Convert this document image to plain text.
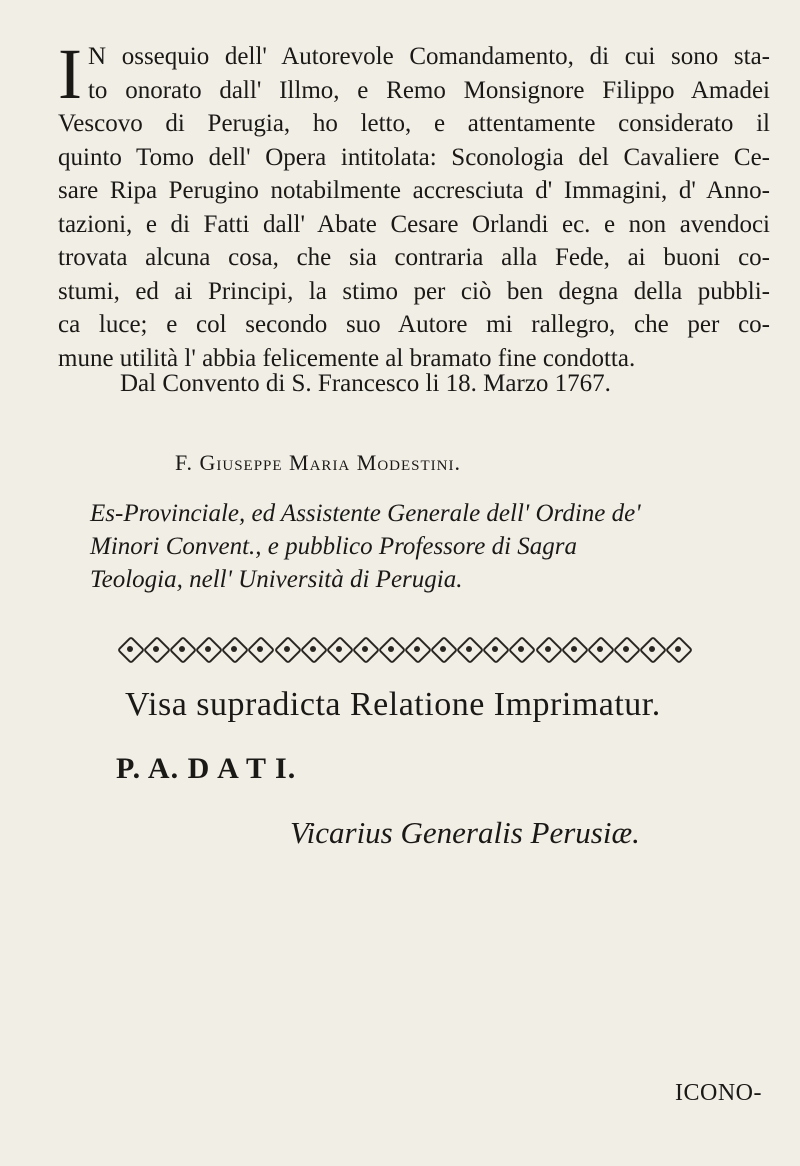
I N ossequio dell' Autorevole Comandamento, di cui sono sta-
to onorato dall' Illmo, e Remo Monsignore Filippo Amadei
Vescovo di Perugia, ho letto, e attentamente considerato il
quinto Tomo dell' Opera intitolata: Sconologia del Cavaliere Ce-
sare Ripa Perugino notabilmente accresciuta d' Immagini, d' Anno-
tazioni, e di Fatti dall' Abate Cesare Orlandi ec. e non avendoci
trovata alcuna cosa, che sia contraria alla Fede, ai buoni co-
stumi, ed ai Principi, la stimo per ciò ben degna della pubbli-
ca luce; e col secondo suo Autore mi rallegro, che per co-
mune utilità l' abbia felicemente al bramato fine condotta.

Dal Convento di S. Francesco li 18. Marzo 1767.
F. Giuseppe Maria Modestini.
Es-Provinciale, ed Assistente Generale dell' Ordine de'
Minori Convent., e pubblico Professore di Sagra
Teologia, nell' Università di Perugia.
Visa supradicta Relatione Imprimatur.
P. A. D A T I.
Vicarius Generalis Perusiæ.
ICONO-
